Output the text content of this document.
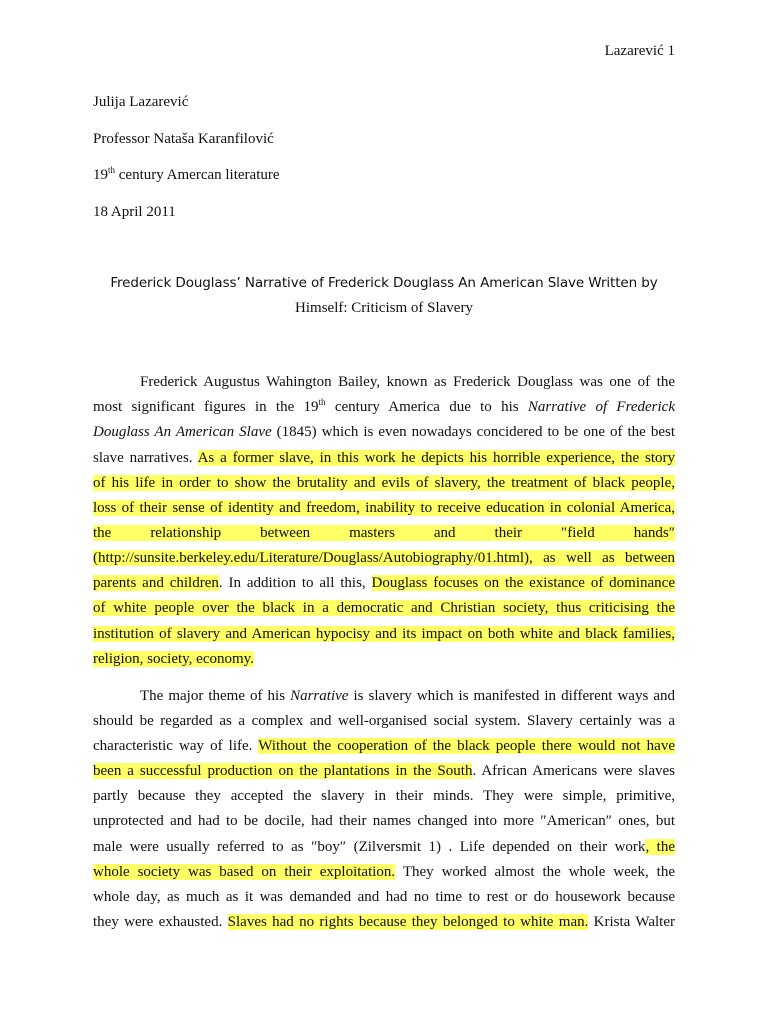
Lazarević 1
Julija Lazarević
Professor Nataša Karanfilović
19th century Amercan literature
18 April 2011
Frederick Douglass’ Narrative of Frederick Douglass An American Slave Written by
Himself: Criticism of Slavery
Frederick Augustus Wahington Bailey, known as Frederick Douglass was one of the
most significant figures in the 19th century America due to his Narrative of Frederick
Douglass An American Slave (1845) which is even nowadays concidered to be one of the best
slave narratives. As a former slave, in this work he depicts his horrible experience, the story
of his life in order to show the brutality and evils of slavery, the treatment of black people,
loss of their sense of identity and freedom, inability to receive education in colonial America,
the relationship between masters and their ″field hands″
(http://sunsite.berkeley.edu/Literature/Douglass/Autobiography/01.html), as well as between
parents and children. In addition to all this, Douglass focuses on the existance of dominance
of white people over the black in a democratic and Christian society, thus criticising the
institution of slavery and American hypocisy and its impact on both white and black families,
religion, society, economy.
The major theme of his Narrative is slavery which is manifested in different ways and
should be regarded as a complex and well-organised social system. Slavery certainly was a
characteristic way of life. Without the cooperation of the black people there would not have
been a successful production on the plantations in the South. African Americans were slaves
partly because they accepted the slavery in their minds. They were simple, primitive,
unprotected and had to be docile, had their names changed into more ″American″ ones, but
male were usually referred to as ″boy″ (Zilversmit 1) . Life depended on their work, the
whole society was based on their exploitation. They worked almost the whole week, the
whole day, as much as it was demanded and had no time to rest or do housework because
they were exhausted. Slaves had no rights because they belonged to white man. Krista Walter
